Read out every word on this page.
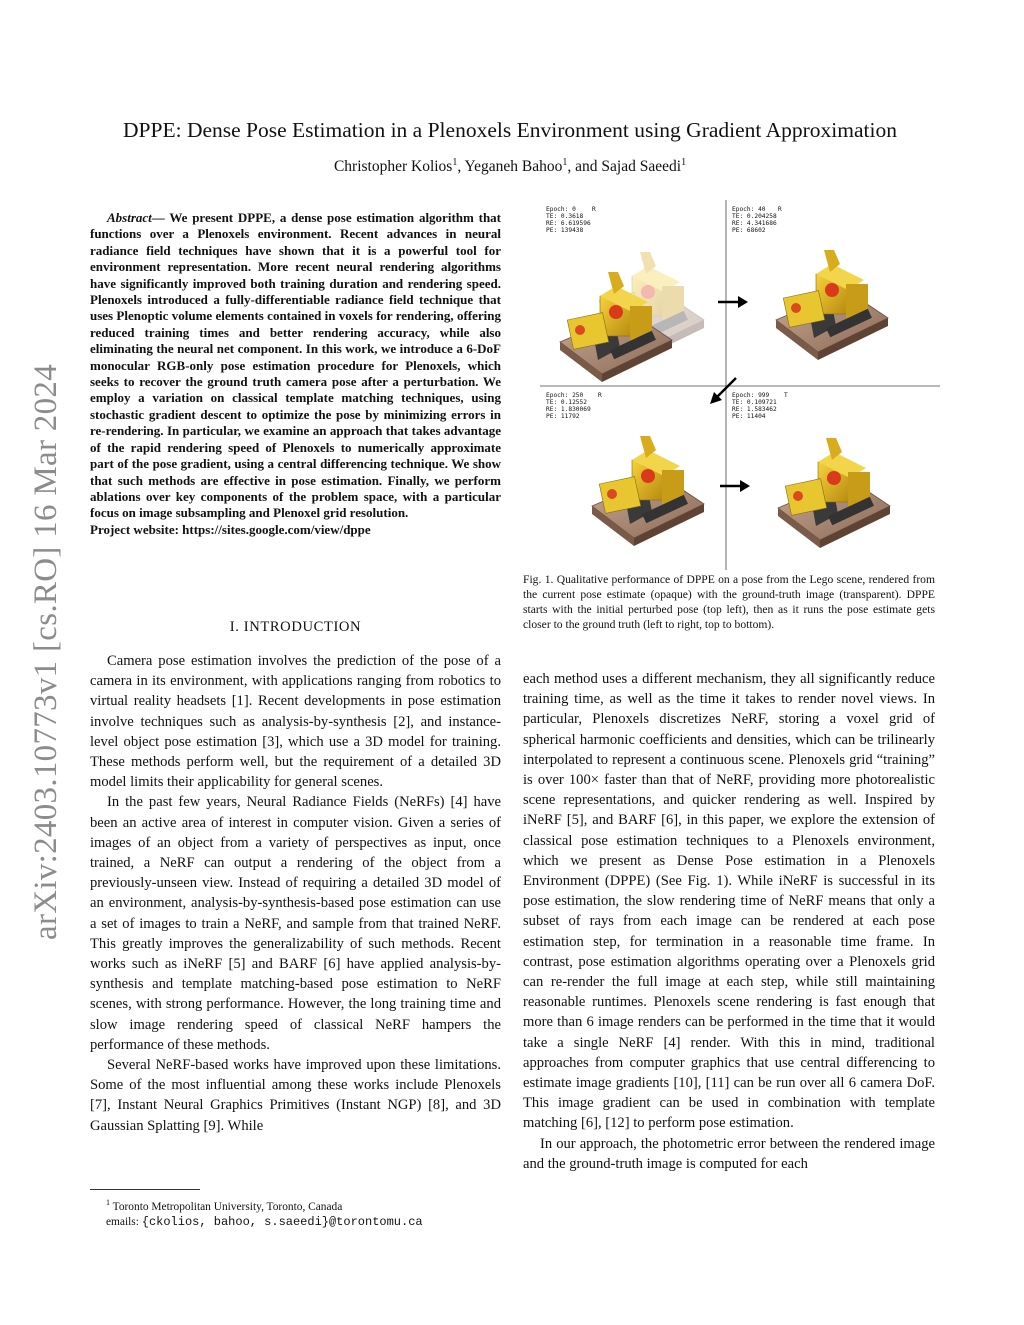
arXiv:2403.10773v1 [cs.RO] 16 Mar 2024
DPPE: Dense Pose Estimation in a Plenoxels Environment using Gradient Approximation
Christopher Kolios$^1$, Yeganeh Bahoo$^1$, and Sajad Saeedi$^1$
Abstract— We present DPPE, a dense pose estimation algorithm that functions over a Plenoxels environment. Recent advances in neural radiance field techniques have shown that it is a powerful tool for environment representation. More recent neural rendering algorithms have significantly improved both training duration and rendering speed. Plenoxels introduced a fully-differentiable radiance field technique that uses Plenoptic volume elements contained in voxels for rendering, offering reduced training times and better rendering accuracy, while also eliminating the neural net component. In this work, we introduce a 6-DoF monocular RGB-only pose estimation procedure for Plenoxels, which seeks to recover the ground truth camera pose after a perturbation. We employ a variation on classical template matching techniques, using stochastic gradient descent to optimize the pose by minimizing errors in re-rendering. In particular, we examine an approach that takes advantage of the rapid rendering speed of Plenoxels to numerically approximate part of the pose gradient, using a central differencing technique. We show that such methods are effective in pose estimation. Finally, we perform ablations over key components of the problem space, with a particular focus on image subsampling and Plenoxel grid resolution.
Project website: https://sites.google.com/view/dppe
I. INTRODUCTION

Camera pose estimation involves the prediction of the pose of a camera in its environment, with applications ranging from robotics to virtual reality headsets [1]. Recent developments in pose estimation involve techniques such as analysis-by-synthesis [2], and instance-level object pose estimation [3], which use a 3D model for training. These methods perform well, but the requirement of a detailed 3D model limits their applicability for general scenes.

In the past few years, Neural Radiance Fields (NeRFs) [4] have been an active area of interest in computer vision. Given a series of images of an object from a variety of perspectives as input, once trained, a NeRF can output a rendering of the object from a previously-unseen view. Instead of requiring a detailed 3D model of an environment, analysis-by-synthesis-based pose estimation can use a set of images to train a NeRF, and sample from that trained NeRF. This greatly improves the generalizability of such methods. Recent works such as iNeRF [5] and BARF [6] have applied analysis-by-synthesis and template matching-based pose estimation to NeRF scenes, with strong performance. However, the long training time and slow image rendering speed of classical NeRF hampers the performance of these methods.

Several NeRF-based works have improved upon these limitations. Some of the most influential among these works include Plenoxels [7], Instant Neural Graphics Primitives (Instant NGP) [8], and 3D Gaussian Splatting [9]. While

$^1$ Toronto Metropolitan University, Toronto, Canada
emails: {ckolios, bahoo, s.saeedi}@torontomu.ca
Epoch: 0	R
TE: 0.3618
RE: 6.619596
PE: 139438
Epoch: 40 R
TE: 0.204258
RE: 4.341686
PE: 68602
Epoch: 250 R
TE: 0.12552
RE: 1.830069
PE: 11792
Epoch: 999 T
TE: 0.109721
RE: 1.583462
PE: 11404
Fig. 1. Qualitative performance of DPPE on a pose from the Lego scene, rendered from the current pose estimate (opaque) with the ground-truth image (transparent). DPPE starts with the initial perturbed pose (top left), then as it runs the pose estimate gets closer to the ground truth (left to right, top to bottom).

each method uses a different mechanism, they all significantly reduce training time, as well as the time it takes to render novel views. In particular, Plenoxels discretizes NeRF, storing a voxel grid of spherical harmonic coefficients and densities, which can be trilinearly interpolated to represent a continuous scene. Plenoxels grid “training” is over 100× faster than that of NeRF, providing more photorealistic scene representations, and quicker rendering as well. Inspired by iNeRF [5], and BARF [6], in this paper, we explore the extension of classical pose estimation techniques to a Plenoxels environment, which we present as Dense Pose estimation in a Plenoxels Environment (DPPE) (See Fig. 1). While iNeRF is successful in its pose estimation, the slow rendering time of NeRF means that only a subset of rays from each image can be rendered at each pose estimation step, for termination in a reasonable time frame. In contrast, pose estimation algorithms operating over a Plenoxels grid can re-render the full image at each step, while still maintaining reasonable runtimes. Plenoxels scene rendering is fast enough that more than 6 image renders can be performed in the time that it would take a single NeRF [4] render. With this in mind, traditional approaches from computer graphics that use central differencing to estimate image gradients [10], [11] can be run over all 6 camera DoF. This image gradient can be used in combination with template matching [6], [12] to perform pose estimation.

In our approach, the photometric error between the rendered image and the ground-truth image is computed for each
